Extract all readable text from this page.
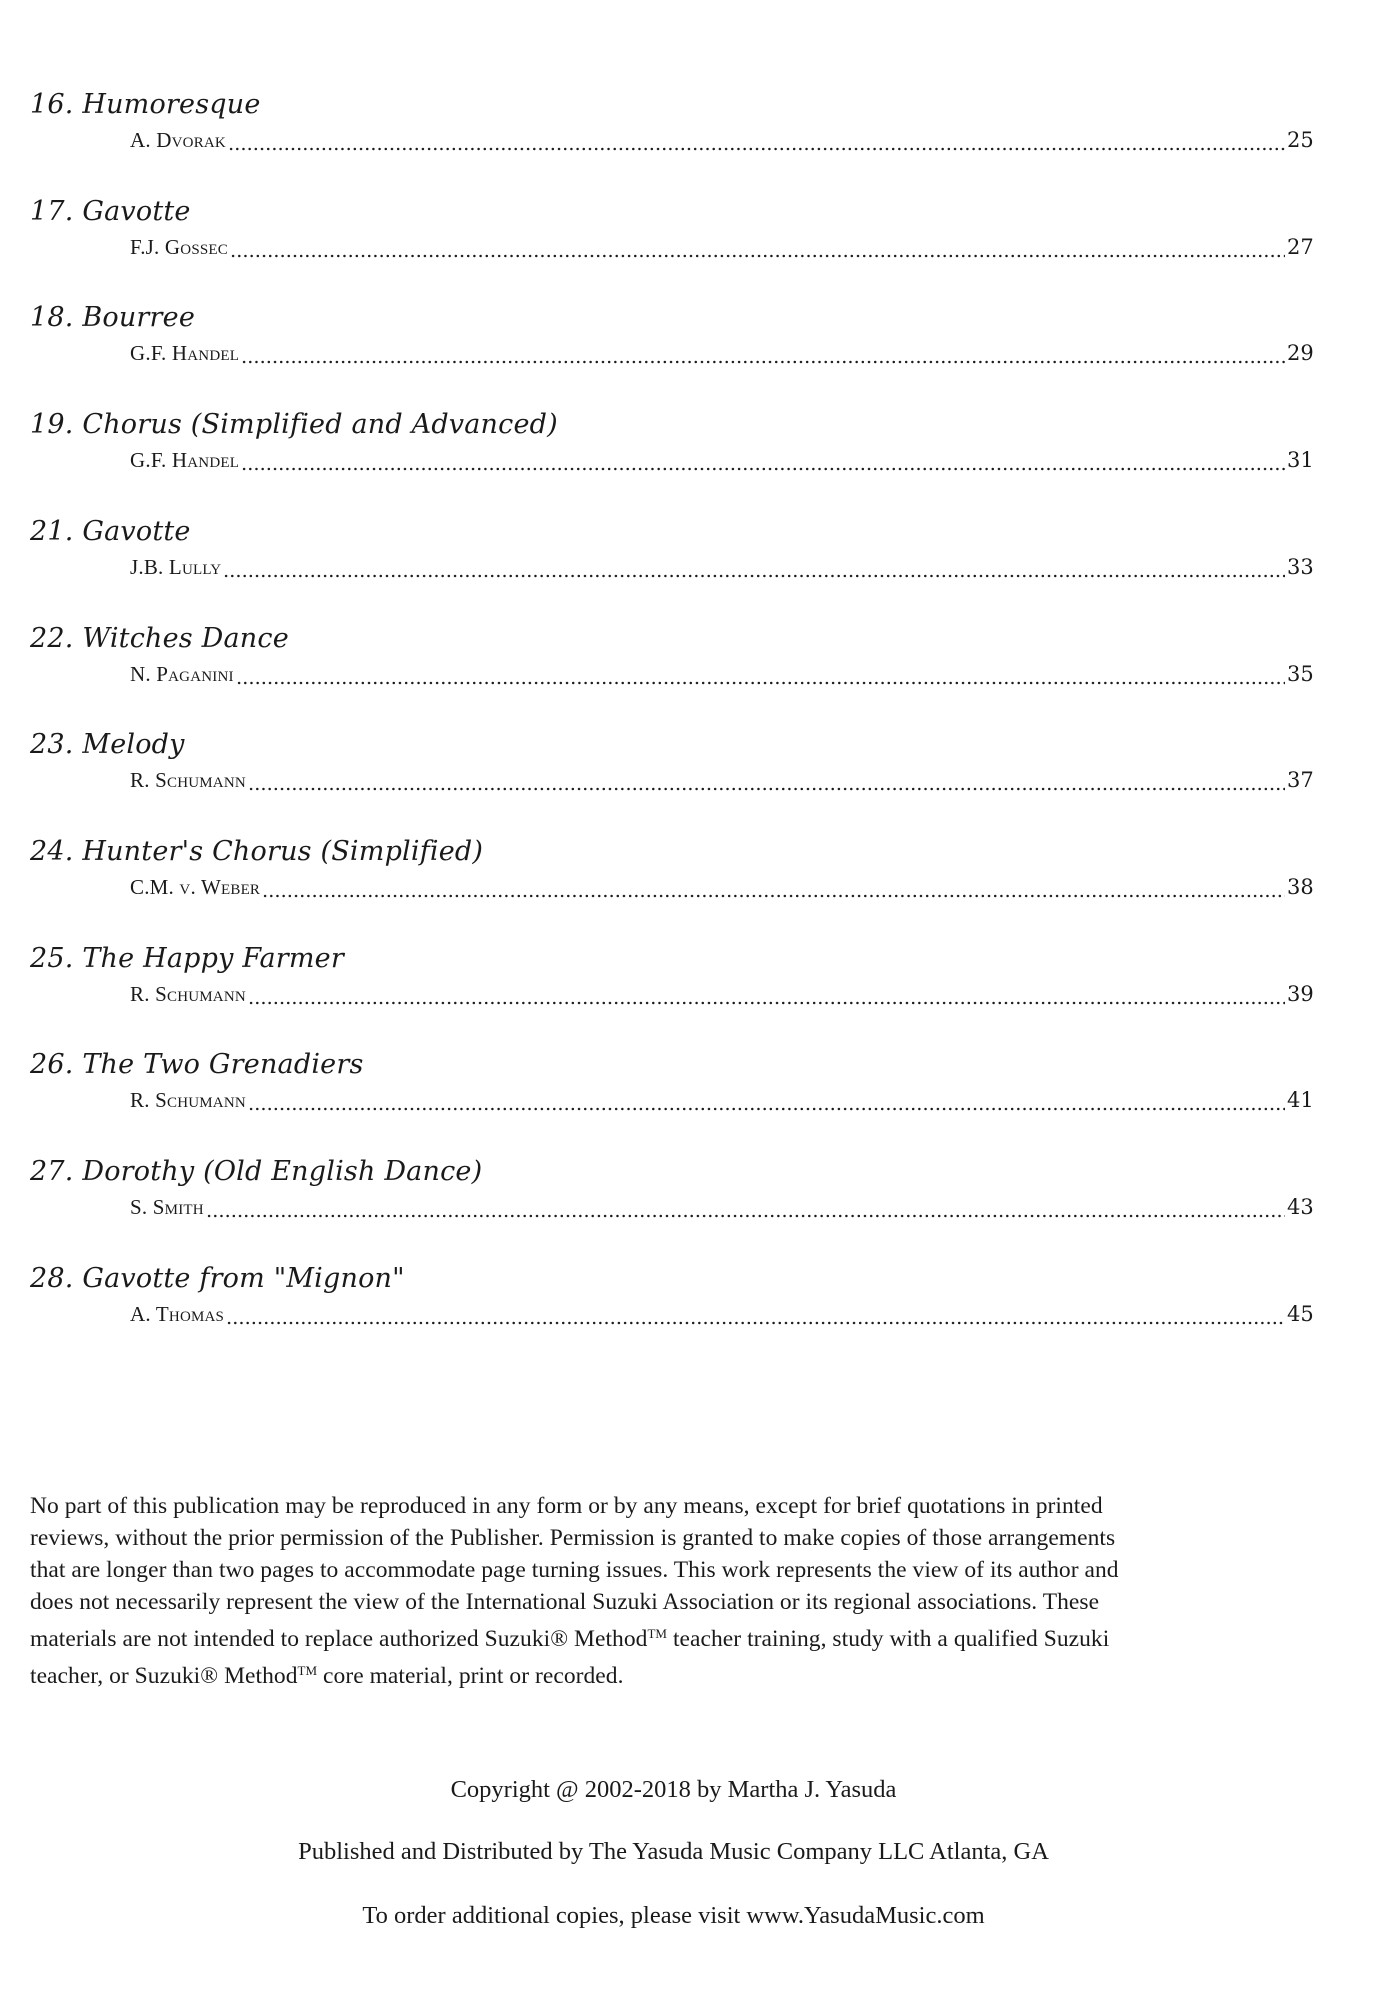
16. Humoresque
A. Dvorak	25
17. Gavotte
F.J. Gossec	27
18. Bourree
G.F. Handel	29
19. Chorus (Simplified and Advanced)
G.F. Handel	31
21. Gavotte
J.B. Lully	33
22. Witches Dance
N. Paganini	35
23. Melody
R. Schumann	37
24. Hunter's Chorus (Simplified)
C.M. v. Weber	38
25. The Happy Farmer
R. Schumann	39
26. The Two Grenadiers
R. Schumann	41
27. Dorothy (Old English Dance)
S. Smith	43
28. Gavotte from "Mignon"
A. Thomas	45
No part of this publication may be reproduced in any form or by any means, except for brief quotations in printed
reviews, without the prior permission of the Publisher. Permission is granted to make copies of those arrangements
that are longer than two pages to accommodate page turning issues. This work represents the view of its author and
does not necessarily represent the view of the International Suzuki Association or its regional associations. These
materials are not intended to replace authorized Suzuki® Method™ teacher training, study with a qualified Suzuki
teacher, or Suzuki® Method™ core material, print or recorded.
Copyright @ 2002-2018 by Martha J. Yasuda
Published and Distributed by The Yasuda Music Company LLC Atlanta, GA
To order additional copies, please visit www.YasudaMusic.com
